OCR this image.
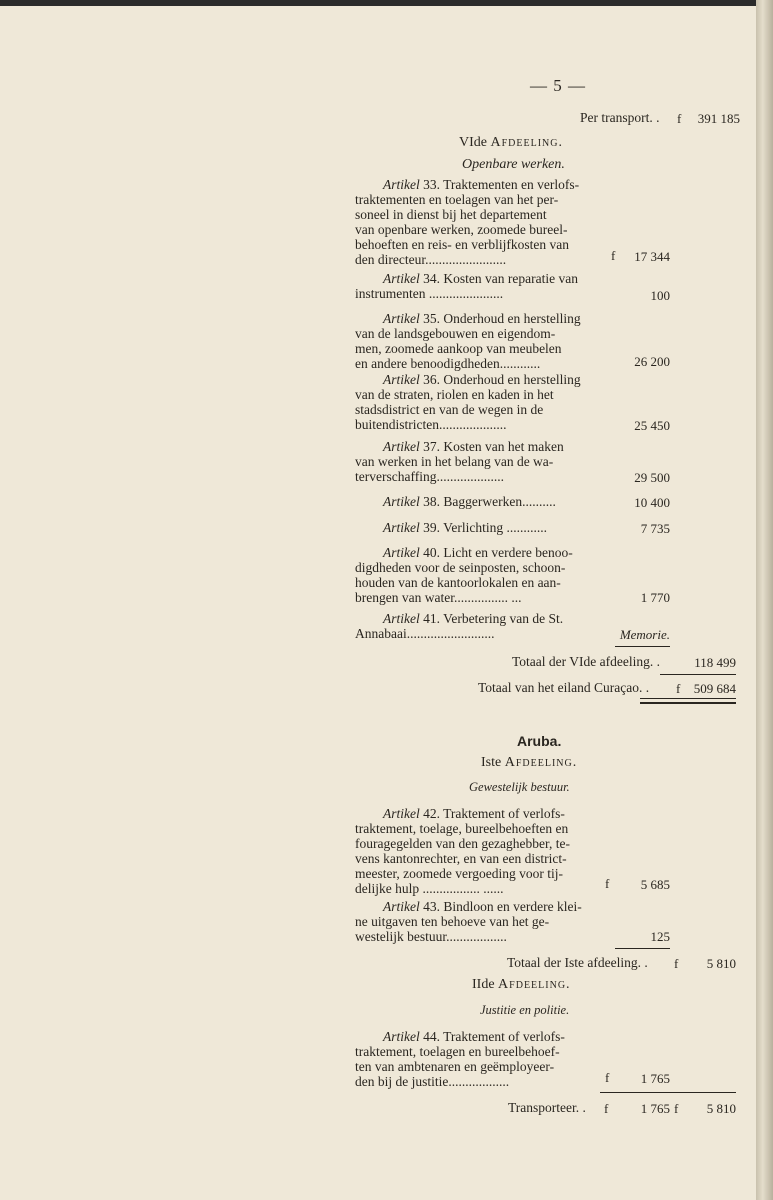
— 5 —
Per transport. . f	391 185
VIde Afdeeling.
Openbare werken.
Artikel 33. Traktementen en verlofs-
traktementen en toelagen van het per-
soneel in dienst bij het departement
van openbare werken, zoomede bureel-
behoeften en reis- en verblijfkosten van
den directeur........................	f	17 344
Artikel 34. Kosten van reparatie van
instrumenten ......................	100
Artikel 35. Onderhoud en herstelling
van de landsgebouwen en eigendom-
men, zoomede aankoop van meubelen
en andere benoodigdheden............	26 200
Artikel 36. Onderhoud en herstelling
van de straten, riolen en kaden in het
stadsdistrict en van de wegen in de
buitendistricten....................	25 450
Artikel 37. Kosten van het maken
van werken in het belang van de wa-
terverschaffing....................	29 500
Artikel 38. Baggerwerken..........	10 400
Artikel 39. Verlichting ............	7 735
Artikel 40. Licht en verdere benoo-
digdheden voor de seinposten, schoon-
houden van de kantoorlokalen en aan-
brengen van water................ ...	1 770
Artikel 41. Verbetering van de St.
Annabaai..........................	Memorie.
Totaal der VIde afdeeling. .	118 499
Totaal van het eiland Curaçao. . f	509 684
Aruba.
Iste Afdeeling.
Gewestelijk bestuur.
Artikel 42. Traktement of verlofs-
traktement, toelage, bureelbehoeften en
fouragegelden van den gezaghebber, te-
vens kantonrechter, en van een district-
meester, zoomede vergoeding voor tij-
delijke hulp ................. ......	f	5 685
Artikel 43. Bindloon en verdere klei-
ne uitgaven ten behoeve van het ge-
westelijk bestuur..................	125
Totaal der Iste afdeeling. . f	5 810
IIde Afdeeling.
Justitie en politie.
Artikel 44. Traktement of verlofs-
traktement, toelagen en bureelbehoef-
ten van ambtenaren en geëmployeer-
den bij de justitie..................	f	1 765
Transporteer. . f	1 765 f	5 810
